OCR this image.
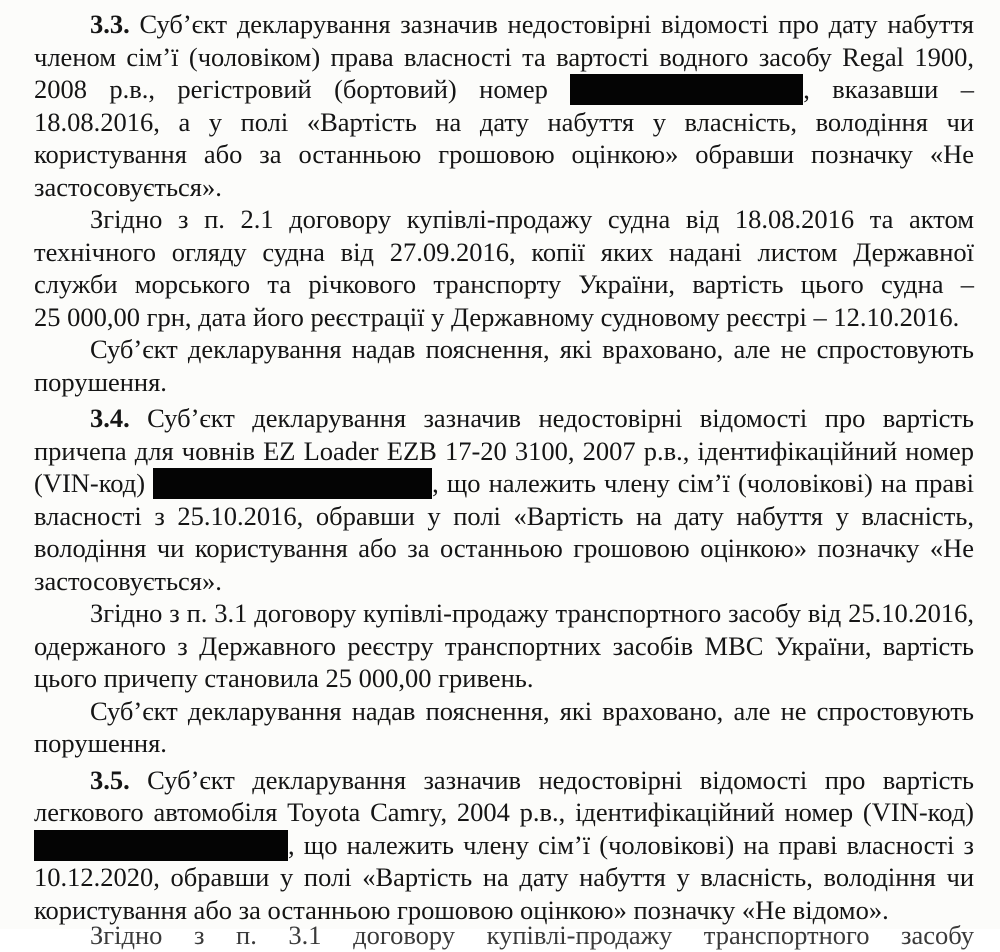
3.3. Суб’єкт декларування зазначив недостовірні відомості про дату набуття членом сім’ї (чоловіком) права власності та вартості водного засобу Regal 1900, 2008 р.в., регістровий (бортовий) номер	, вказавши – 18.08.2016, а у полі «Вартість на дату набуття у власність, володіння чи користування або за останньою грошовою оцінкою» обравши позначку «Не застосовується».

Згідно з п. 2.1 договору купівлі-продажу судна від 18.08.2016 та актом технічного огляду судна від 27.09.2016, копії яких надані листом Державної служби морського та річкового транспорту України, вартість цього судна – 25 000,00 грн, дата його реєстрації у Державному судновому реєстрі – 12.10.2016.

Суб’єкт декларування надав пояснення, які враховано, але не спростовують порушення.

3.4. Суб’єкт декларування зазначив недостовірні відомості про вартість причепа для човнів EZ Loader EZB 17-20 3100, 2007 р.в., ідентифікаційний номер (VIN-код)	, що належить члену сім’ї (чоловікові) на праві власності з 25.10.2016, обравши у полі «Вартість на дату набуття у власність, володіння чи користування або за останньою грошовою оцінкою» позначку «Не застосовується».

Згідно з п. 3.1 договору купівлі-продажу транспортного засобу від 25.10.2016, одержаного з Державного реєстру транспортних засобів МВС України, вартість цього причепу становила 25 000,00 гривень.

Суб’єкт декларування надав пояснення, які враховано, але не спростовують порушення.

3.5. Суб’єкт декларування зазначив недостовірні відомості про вартість легкового автомобіля Toyota Camry, 2004 р.в., ідентифікаційний номер (VIN-код) , що належить члену сім’ї (чоловікові) на праві власності з 10.12.2020, обравши у полі «Вартість на дату набуття у власність, володіння чи користування або за останньою грошовою оцінкою» позначку «Не відомо».

Згідно з п. 3.1 договору купівлі-продажу транспортного засобу
